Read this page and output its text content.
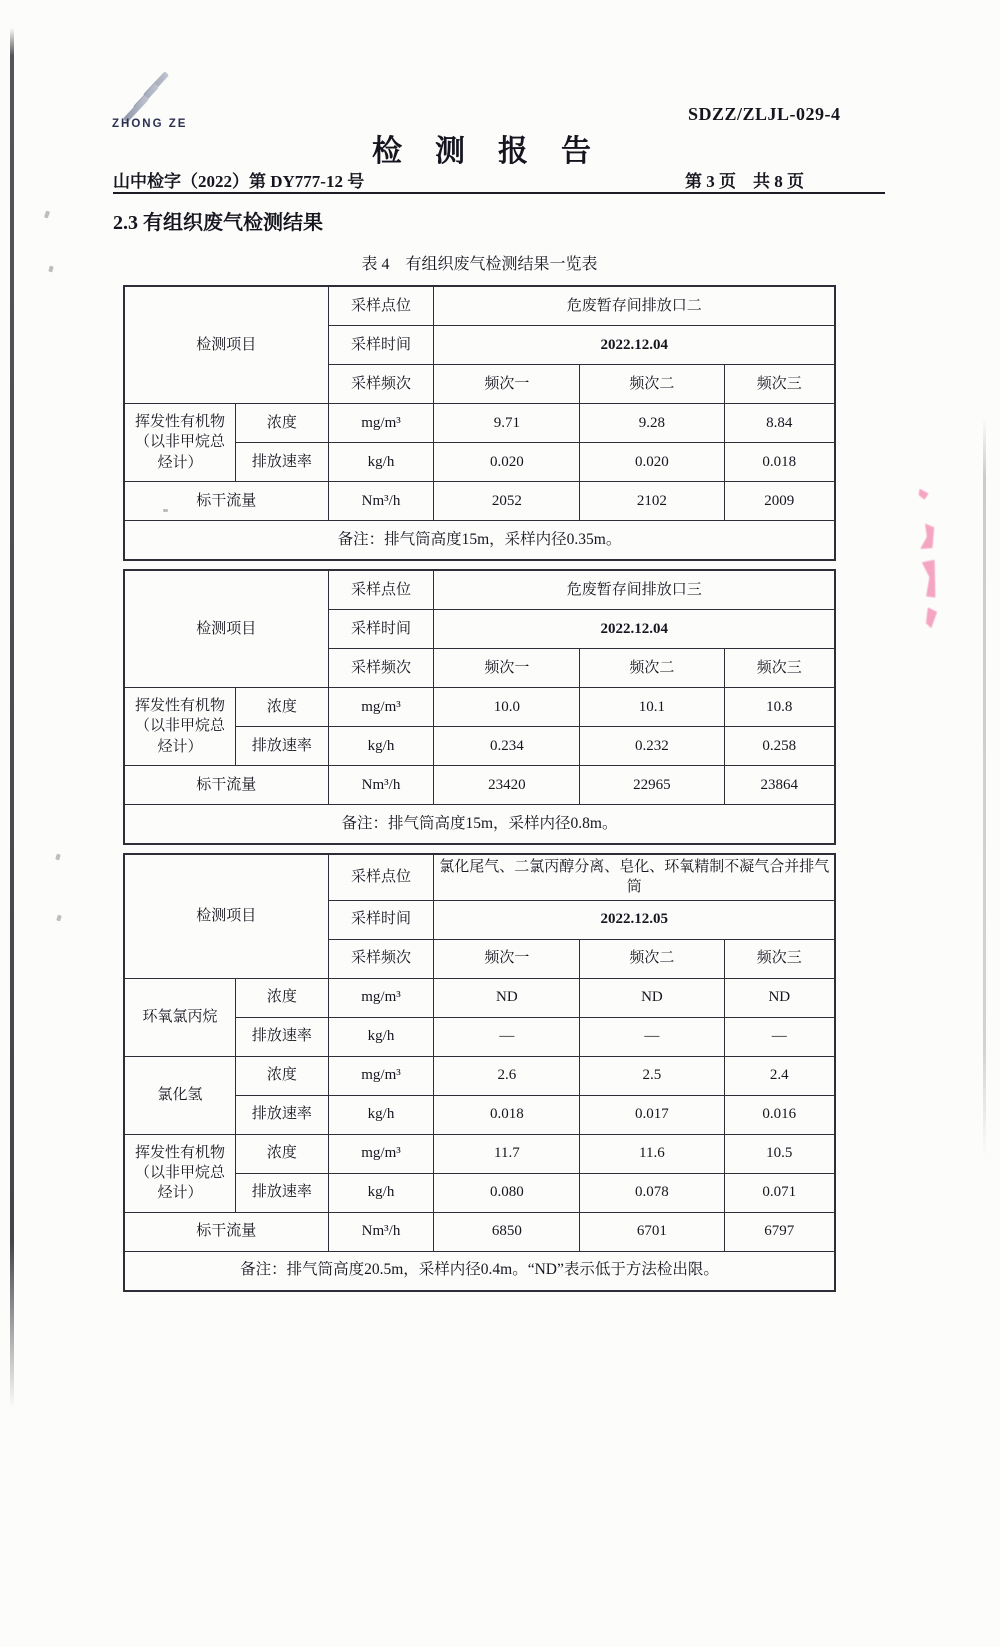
ZHONG ZE	SDZZ/ZLJL-029-4
检测报告
山中检字（2022）第 DY777-12 号	第 3 页　共 8 页
2.3 有组织废气检测结果
表 4　有组织废气检测结果一览表
检测项目		采样点位	危废暂存间排放口二		
		采样时间	2022.12.04		
		采样频次	频次一	频次二	频次三
挥发性有机物（以非甲烷总烃计）	浓度	mg/m³	9.71	9.28	8.84
	排放速率	kg/h	0.020	0.020	0.018
标干流量		Nm³/h	2052	2102	2009
备注：排气筒高度15m，采样内径0.35m。					
检测项目		采样点位	危废暂存间排放口三		
		采样时间	2022.12.04		
		采样频次	频次一	频次二	频次三
挥发性有机物（以非甲烷总烃计）	浓度	mg/m³	10.0	10.1	10.8
	排放速率	kg/h	0.234	0.232	0.258
标干流量		Nm³/h	23420	22965	23864
备注：排气筒高度15m，采样内径0.8m。					
检测项目		采样点位	氯化尾气、二氯丙醇分离、皂化、环氧精制不凝气合并排气筒		
		采样时间	2022.12.05		
		采样频次	频次一	频次二	频次三
环氧氯丙烷	浓度	mg/m³	ND	ND	ND
	排放速率	kg/h	—	—	—
氯化氢	浓度	mg/m³	2.6	2.5	2.4
	排放速率	kg/h	0.018	0.017	0.016
挥发性有机物（以非甲烷总烃计）	浓度	mg/m³	11.7	11.6	10.5
	排放速率	kg/h	0.080	0.078	0.071
标干流量		Nm³/h	6850	6701	6797
备注：排气筒高度20.5m，采样内径0.4m。“ND”表示低于方法检出限。					
